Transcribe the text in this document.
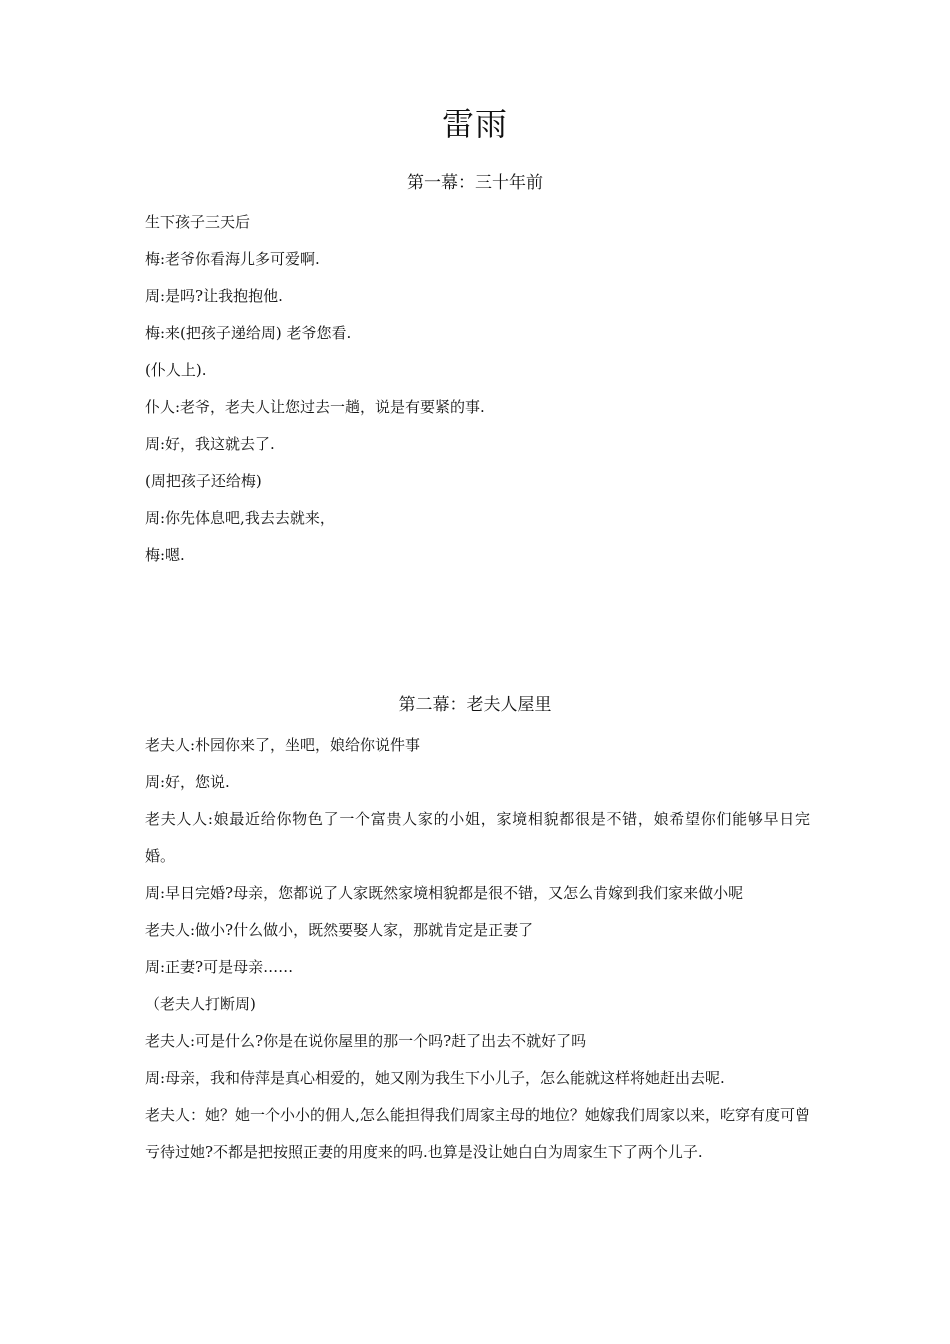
雷雨
第一幕：三十年前
生下孩子三天后
梅:老爷你看海儿多可爱啊.
周:是吗?让我抱抱他.
梅:来(把孩子递给周) 老爷您看.
(仆人上).
仆人:老爷，老夫人让您过去一趟，说是有要紧的事.
周:好，我这就去了.
(周把孩子还给梅)
周:你先体息吧,我去去就来，
梅:嗯.
第二幕：老夫人屋里
老夫人:朴园你来了，坐吧，娘给你说件事
周:好，您说.
老夫人人:娘最近给你物色了一个富贵人家的小姐，家境相貌都很是不错，娘希望你们能够早日完婚。
周:早日完婚?母亲，您都说了人家既然家境相貌都是很不错，又怎么肯嫁到我们家来做小呢
老夫人:做小?什么做小，既然要娶人家，那就肯定是正妻了
周:正妻?可是母亲……
（老夫人打断周)
老夫人:可是什么?你是在说你屋里的那一个吗?赶了出去不就好了吗
周:母亲，我和侍萍是真心相爱的，她又刚为我生下小儿子，怎么能就这样将她赶出去呢.
老夫人：她？她一个小小的佣人,怎么能担得我们周家主母的地位？她嫁我们周家以来，吃穿有度可曾亏待过她?不都是把按照正妻的用度来的吗.也算是没让她白白为周家生下了两个儿子.
